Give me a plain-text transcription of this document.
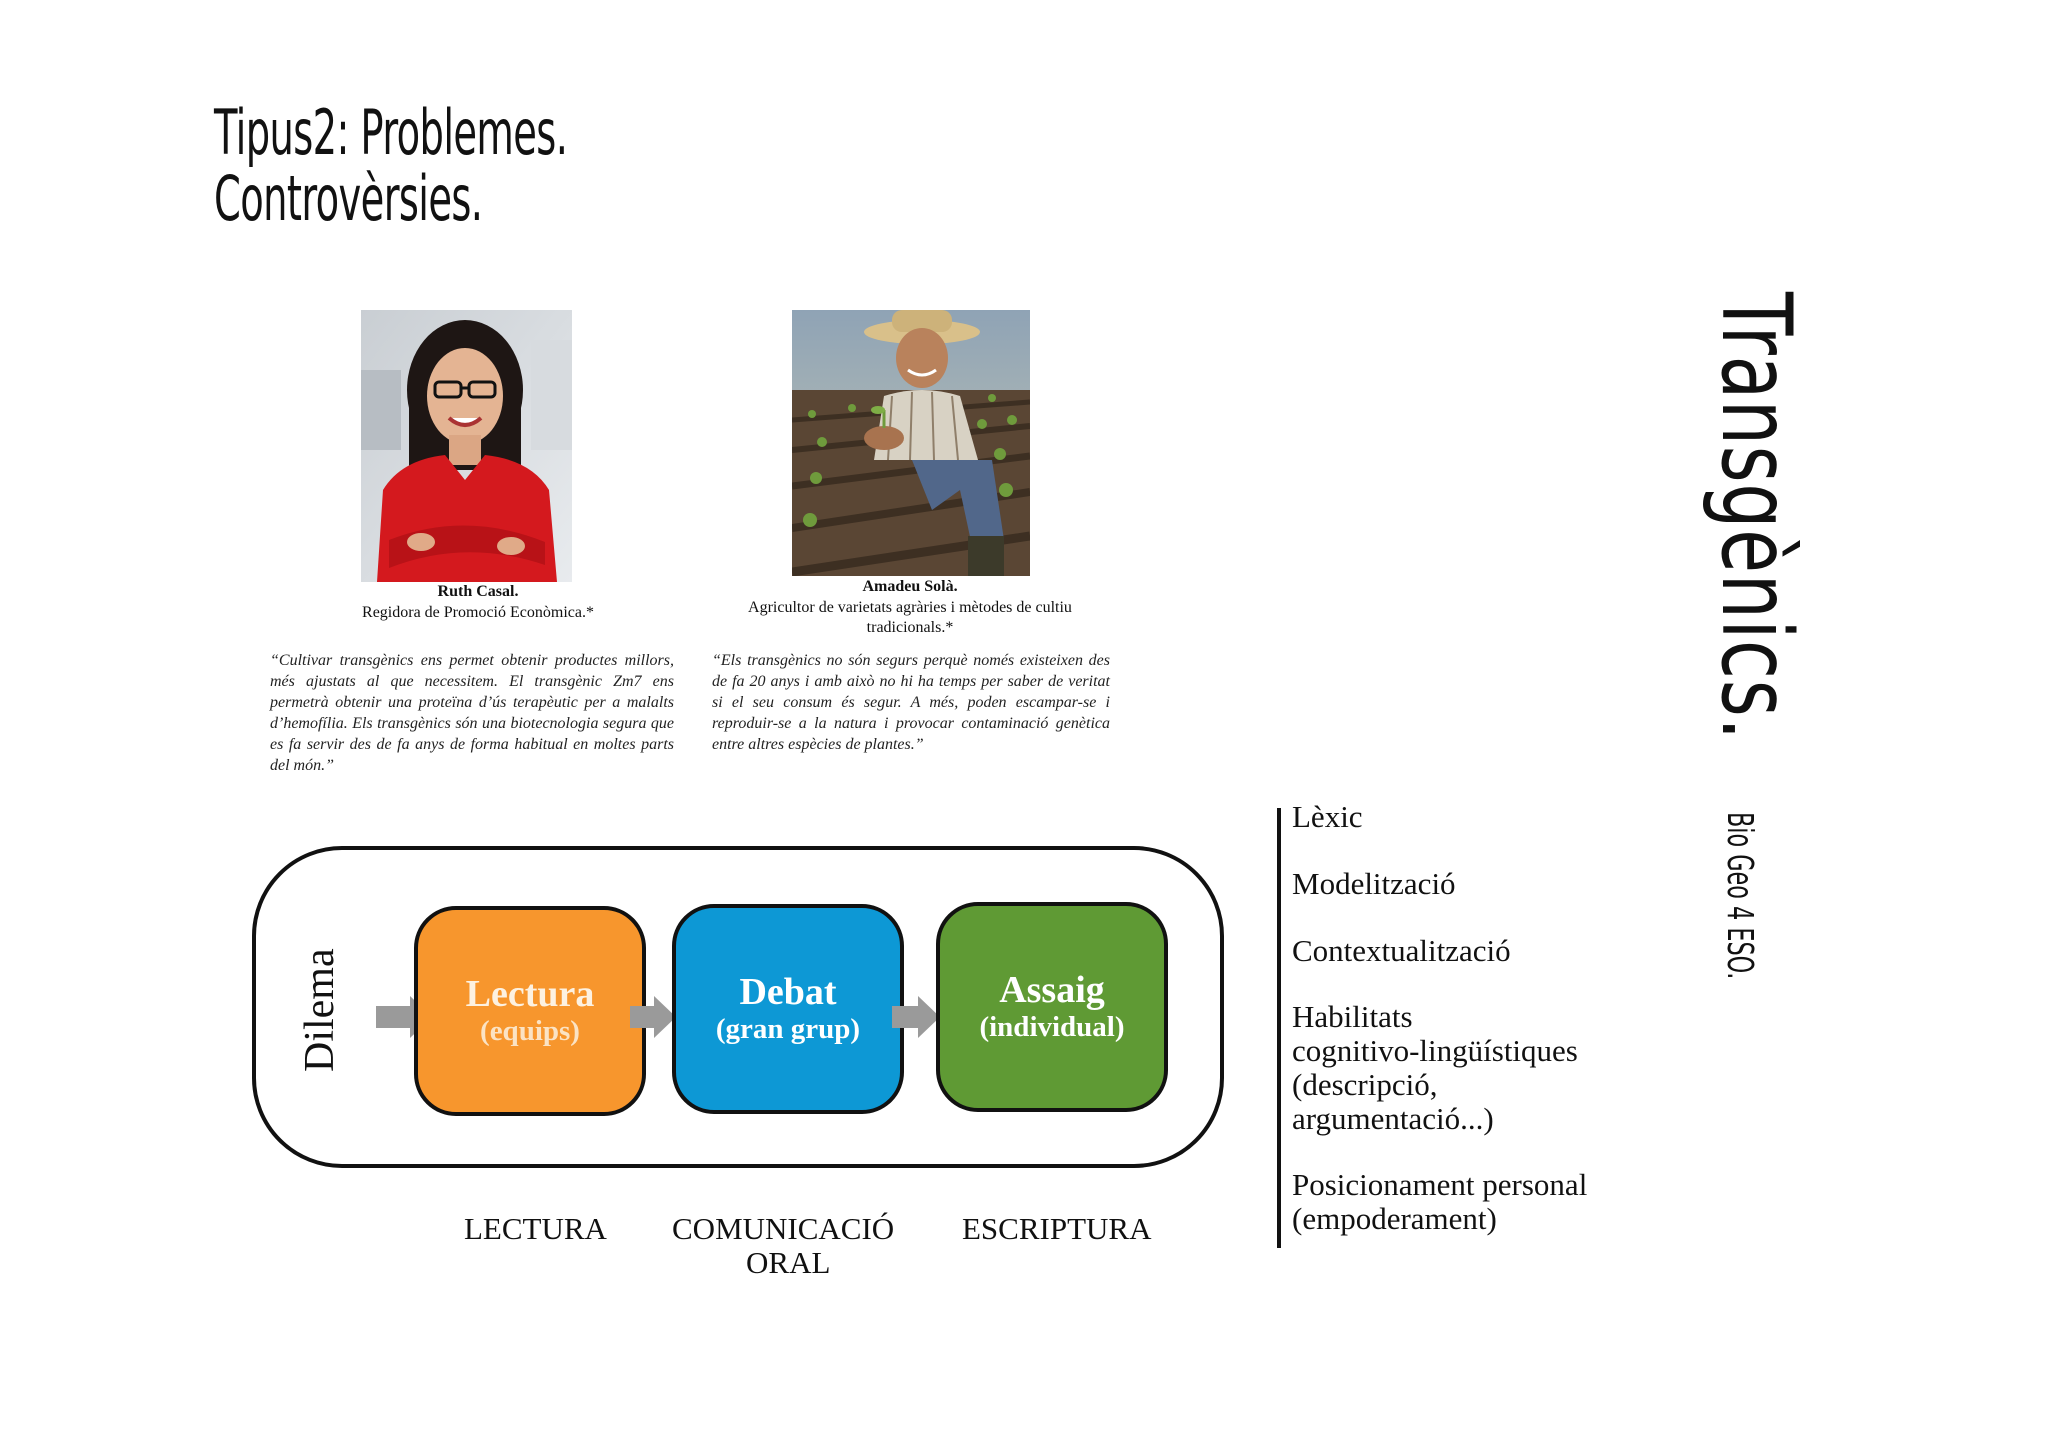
Tipus2: Problemes.
Controvèrsies.
Transgènics.
Bio Geo 4 ESO.
Ruth Casal.
Regidora de Promoció Econòmica.*
“Cultivar transgènics ens permet obtenir productes millors, més ajustats al que necessitem. El transgènic Zm7 ens permetrà obtenir una proteïna d’ús terapèutic per a malalts d’hemofília. Els transgènics són una biotecnologia segura que es fa servir des de fa anys de forma habitual en moltes parts del món.”
Amadeu Solà.
Agricultor de varietats agràries i mètodes de cultiu tradicionals.*
“Els transgènics no són segurs perquè només existeixen des de fa 20 anys i amb això no hi ha temps per saber de veritat si el seu consum és segur. A més, poden escampar-se i reproduir-se a la natura i provocar contaminació genètica entre altres espècies de plantes.”
Dilema	Lectura
(equips)
Debat
(gran grup)
Assaig
(individual)
LECTURA COMUNICACIÓ
ORAL
ESCRIPTURA
Lèxic
Modelització
Contextualització
Habilitats
cognitivo-lingüístiques
(descripció,
argumentació...)
Posicionament personal
(empoderament)
